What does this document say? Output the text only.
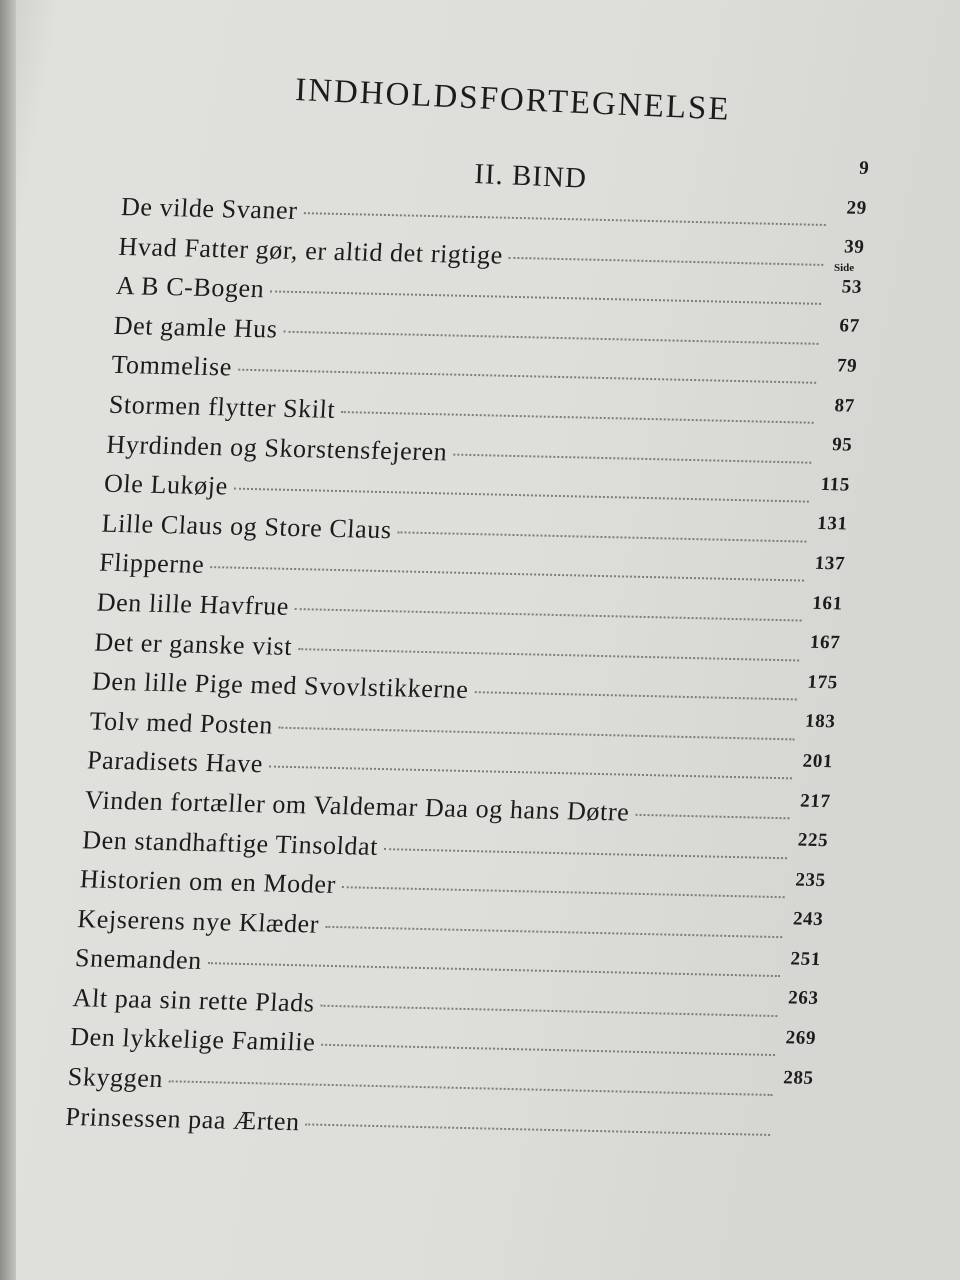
INDHOLDSFORTEGNELSE
II. BIND
Side
De vilde Svaner
9
Hvad Fatter gør, er altid det rigtige
29
A B C-Bogen
39
Det gamle Hus
53
Tommelise
67
Stormen flytter Skilt
79
Hyrdinden og Skorstensfejeren
87
Ole Lukøje
95
Lille Claus og Store Claus
115
Flipperne
131
Den lille Havfrue
137
Det er ganske vist
161
Den lille Pige med Svovlstikkerne
167
Tolv med Posten
175
Paradisets Have
183
Vinden fortæller om Valdemar Daa og hans Døtre
201
Den standhaftige Tinsoldat
217
Historien om en Moder
225
Kejserens nye Klæder
235
Snemanden
243
Alt paa sin rette Plads
251
Den lykkelige Familie
263
Skyggen
269
Prinsessen paa Ærten
285
